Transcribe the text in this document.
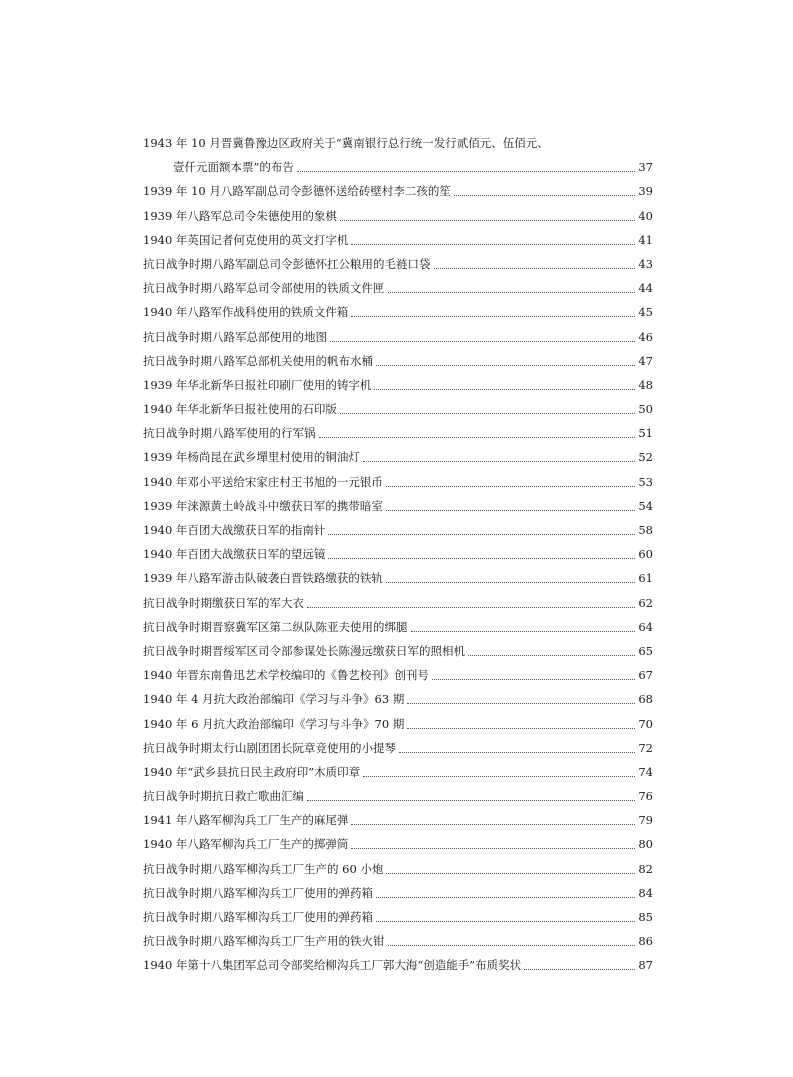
1943 年 10 月晋冀鲁豫边区政府关于“冀南银行总行统一发行贰佰元、伍佰元、
壹仟元面额本票”的布告	37
1939 年 10 月八路军副总司令彭德怀送给砖壁村李二孩的笙	39
1939 年八路军总司令朱德使用的象棋	40
1940 年英国记者何克使用的英文打字机	41
抗日战争时期八路军副总司令彭德怀扛公粮用的毛裢口袋	43
抗日战争时期八路军总司令部使用的铁质文件匣	44
1940 年八路军作战科使用的铁质文件箱	45
抗日战争时期八路军总部使用的地图	46
抗日战争时期八路军总部机关使用的帆布水桶	47
1939 年华北新华日报社印刷厂使用的铸字机	48
1940 年华北新华日报社使用的石印版	50
抗日战争时期八路军使用的行军锅	51
1939 年杨尚昆在武乡墠里村使用的铜油灯	52
1940 年邓小平送给宋家庄村王书旭的一元银币	53
1939 年涞源黄土岭战斗中缴获日军的携带暗室	54
1940 年百团大战缴获日军的指南针	58
1940 年百团大战缴获日军的望远镜	60
1939 年八路军游击队破袭白晋铁路缴获的铁轨	61
抗日战争时期缴获日军的军大衣	62
抗日战争时期晋察冀军区第二纵队陈亚夫使用的绑腿	64
抗日战争时期晋绥军区司令部参谋处长陈漫远缴获日军的照相机	65
1940 年晋东南鲁迅艺术学校编印的《鲁艺校刊》创刊号	67
1940 年 4 月抗大政治部编印《学习与斗争》63 期	68
1940 年 6 月抗大政治部编印《学习与斗争》70 期	70
抗日战争时期太行山剧团团长阮章竞使用的小提琴	72
1940 年“武乡县抗日民主政府印”木质印章	74
抗日战争时期抗日救亡歌曲汇编	76
1941 年八路军柳沟兵工厂生产的麻尾弹	79
1940 年八路军柳沟兵工厂生产的掷弹筒	80
抗日战争时期八路军柳沟兵工厂生产的 60 小炮	82
抗日战争时期八路军柳沟兵工厂使用的弹药箱	84
抗日战争时期八路军柳沟兵工厂使用的弹药箱	85
抗日战争时期八路军柳沟兵工厂生产用的铁火钳	86
1940 年第十八集团军总司令部奖给柳沟兵工厂郭大海“创造能手”布质奖状	87
